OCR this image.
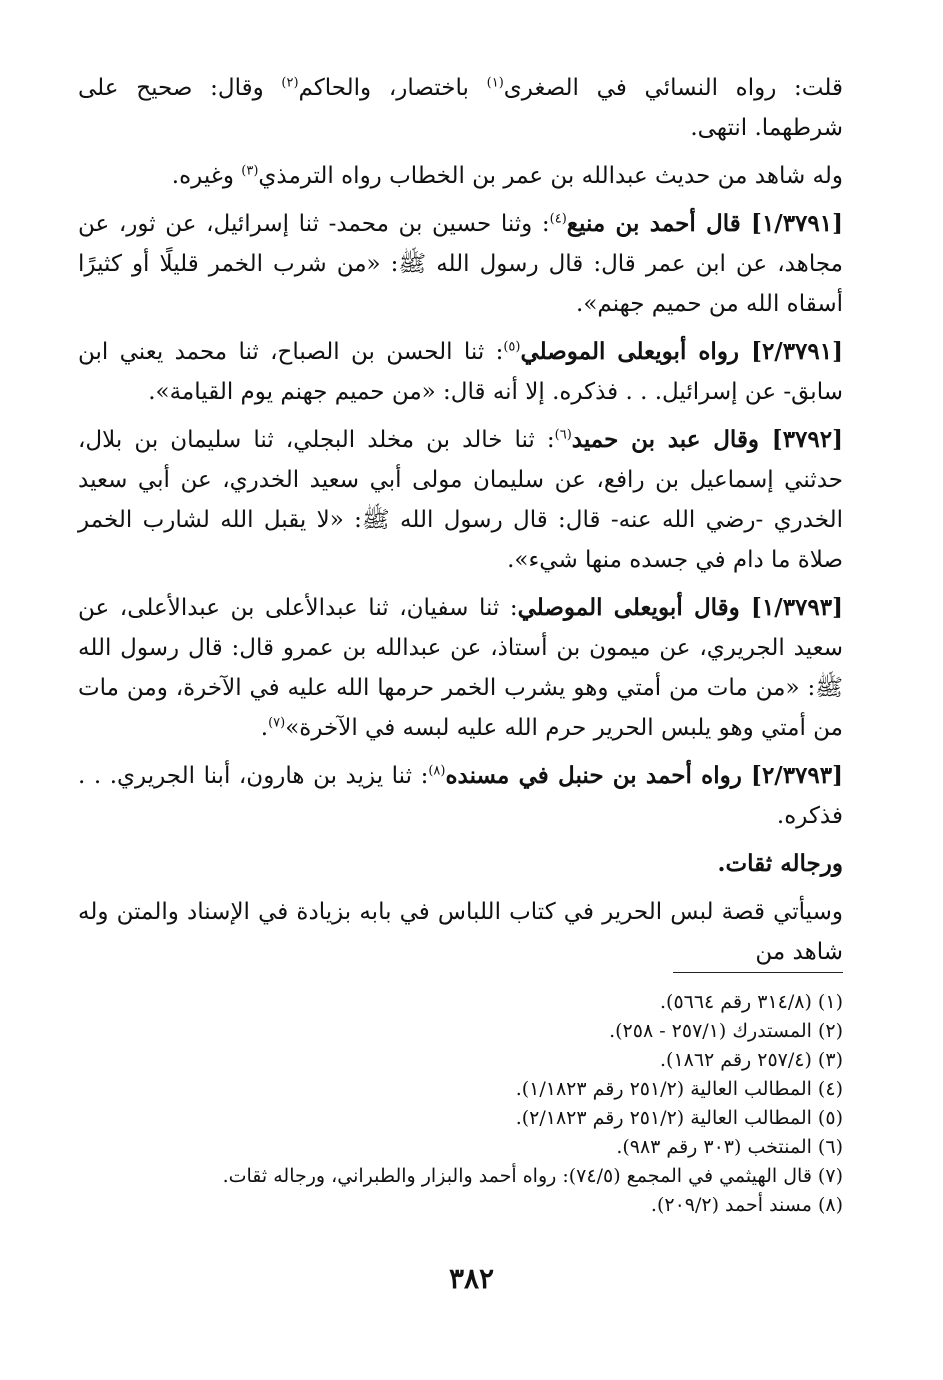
قلت: رواه النسائي في الصغرى$^{(١)}$ باختصار، والحاكم$^{(٢)}$ وقال: صحيح على شرطهما. انتهى.

وله شاهد من حديث عبدالله بن عمر بن الخطاب رواه الترمذي$^{(٣)}$ وغيره.

[١/٣٧٩١] قال أحمد بن منيع$^{(٤)}$: وثنا حسين بن محمد- ثنا إسرائيل، عن ثور، عن مجاهد، عن ابن عمر قال: قال رسول الله ﷺ: «من شرب الخمر قليلًا أو كثيرًا أسقاه الله من حميم جهنم».

[٢/٣٧٩١] رواه أبويعلى الموصلي$^{(٥)}$: ثنا الحسن بن الصباح، ثنا محمد يعني ابن سابق- عن إسرائيل. . . فذكره. إلا أنه قال: «من حميم جهنم يوم القيامة».

[٣٧٩٢] وقال عبد بن حميد$^{(٦)}$: ثنا خالد بن مخلد البجلي، ثنا سليمان بن بلال، حدثني إسماعيل بن رافع، عن سليمان مولى أبي سعيد الخدري، عن أبي سعيد الخدري -رضي الله عنه- قال: قال رسول الله ﷺ: «لا يقبل الله لشارب الخمر صلاة ما دام في جسده منها شيء».

[١/٣٧٩٣] وقال أبويعلى الموصلي: ثنا سفيان، ثنا عبدالأعلى بن عبدالأعلى، عن سعيد الجريري، عن ميمون بن أستاذ، عن عبدالله بن عمرو قال: قال رسول الله ﷺ: «من مات من أمتي وهو يشرب الخمر حرمها الله عليه في الآخرة، ومن مات من أمتي وهو يلبس الحرير حرم الله عليه لبسه في الآخرة»$^{(٧)}$.

[٢/٣٧٩٣] رواه أحمد بن حنبل في مسنده$^{(٨)}$: ثنا يزيد بن هارون، أبنا الجريري. . . فذكره.

ورجاله ثقات.

وسيأتي قصة لبس الحرير في كتاب اللباس في بابه بزيادة في الإسناد والمتن وله شاهد من

(١) (٣١٤/٨ رقم ٥٦٦٤).
(٢) المستدرك (٢٥٧/١ - ٢٥٨).
(٣) (٢٥٧/٤ رقم ١٨٦٢).
(٤) المطالب العالية (٢٥١/٢ رقم ١/١٨٢٣).
(٥) المطالب العالية (٢٥١/٢ رقم ٢/١٨٢٣).
(٦) المنتخب (٣٠٣ رقم ٩٨٣).
(٧) قال الهيثمي في المجمع (٧٤/٥): رواه أحمد والبزار والطبراني، ورجاله ثقات.
(٨) مسند أحمد (٢٠٩/٢).
٣٨٢
